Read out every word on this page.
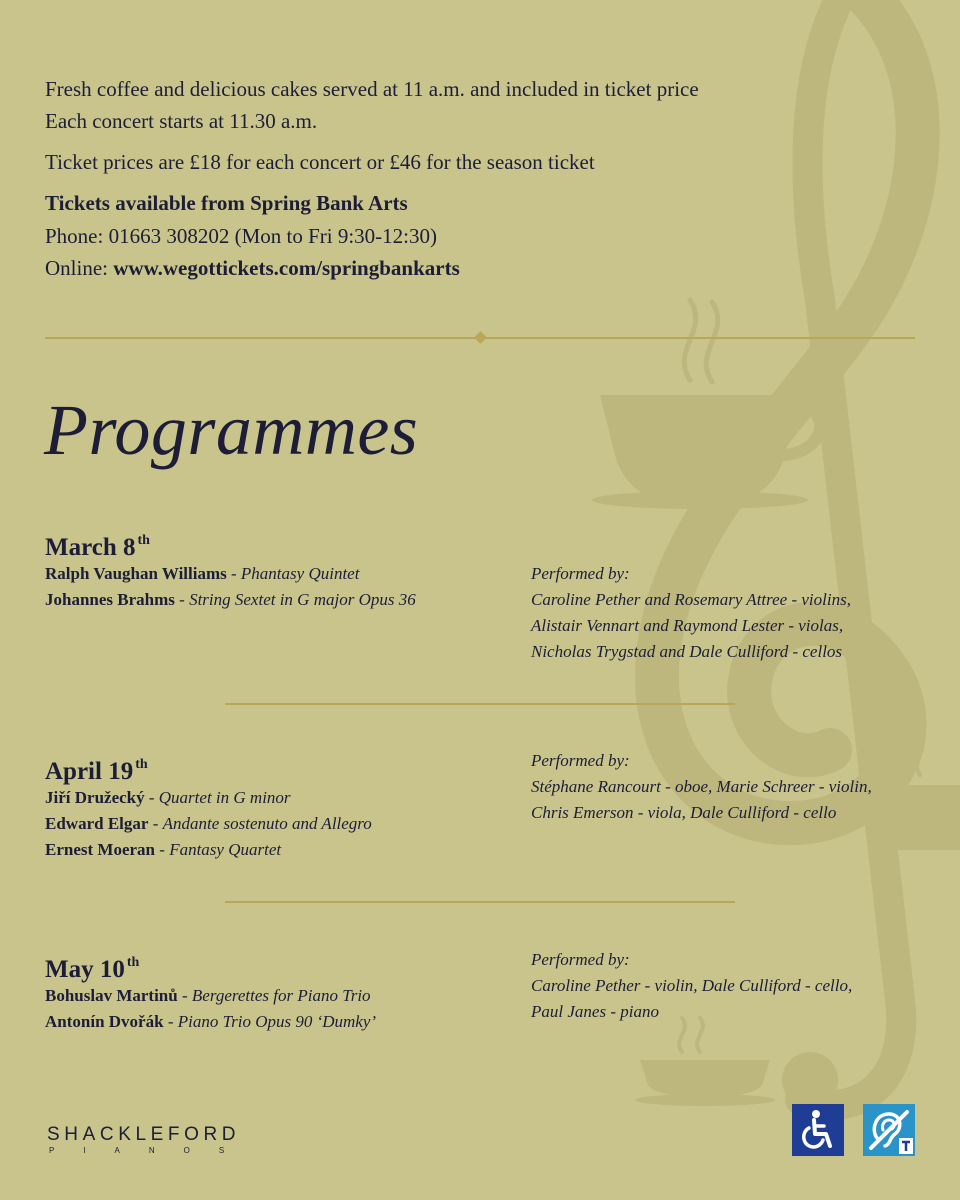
Fresh coffee and delicious cakes served at 11 a.m. and included in ticket price
Each concert starts at 11.30 a.m.
Ticket prices are £18 for each concert or £46 for the season ticket
Tickets available from Spring Bank Arts
Phone: 01663 308202 (Mon to Fri 9:30-12:30)
Online: www.wegottickets.com/springbankarts
Programmes
March 8 $^{th}$
Ralph Vaughan Williams - Phantasy Quintet
Johannes Brahms - String Sextet in G major Opus 36
Performed by:
Caroline Pether and Rosemary Attree - violins,
Alistair Vennart and Raymond Lester - violas,
Nicholas Trygstad and Dale Culliford - cellos
April 19 $^{th}$
Jiří Družecký - Quartet in G minor
Edward Elgar - Andante sostenuto and Allegro
Ernest Moeran - Fantasy Quartet
Performed by:
Stéphane Rancourt - oboe, Marie Schreer - violin,
Chris Emerson - viola, Dale Culliford - cello
May 10 $^{th}$
Bohuslav Martinů - Bergerettes for Piano Trio
Antonín Dvořák - Piano Trio Opus 90 ‘Dumky’
Performed by:
Caroline Pether - violin, Dale Culliford - cello,
Paul Janes - piano
SHACKLEFORD
PIANOS
